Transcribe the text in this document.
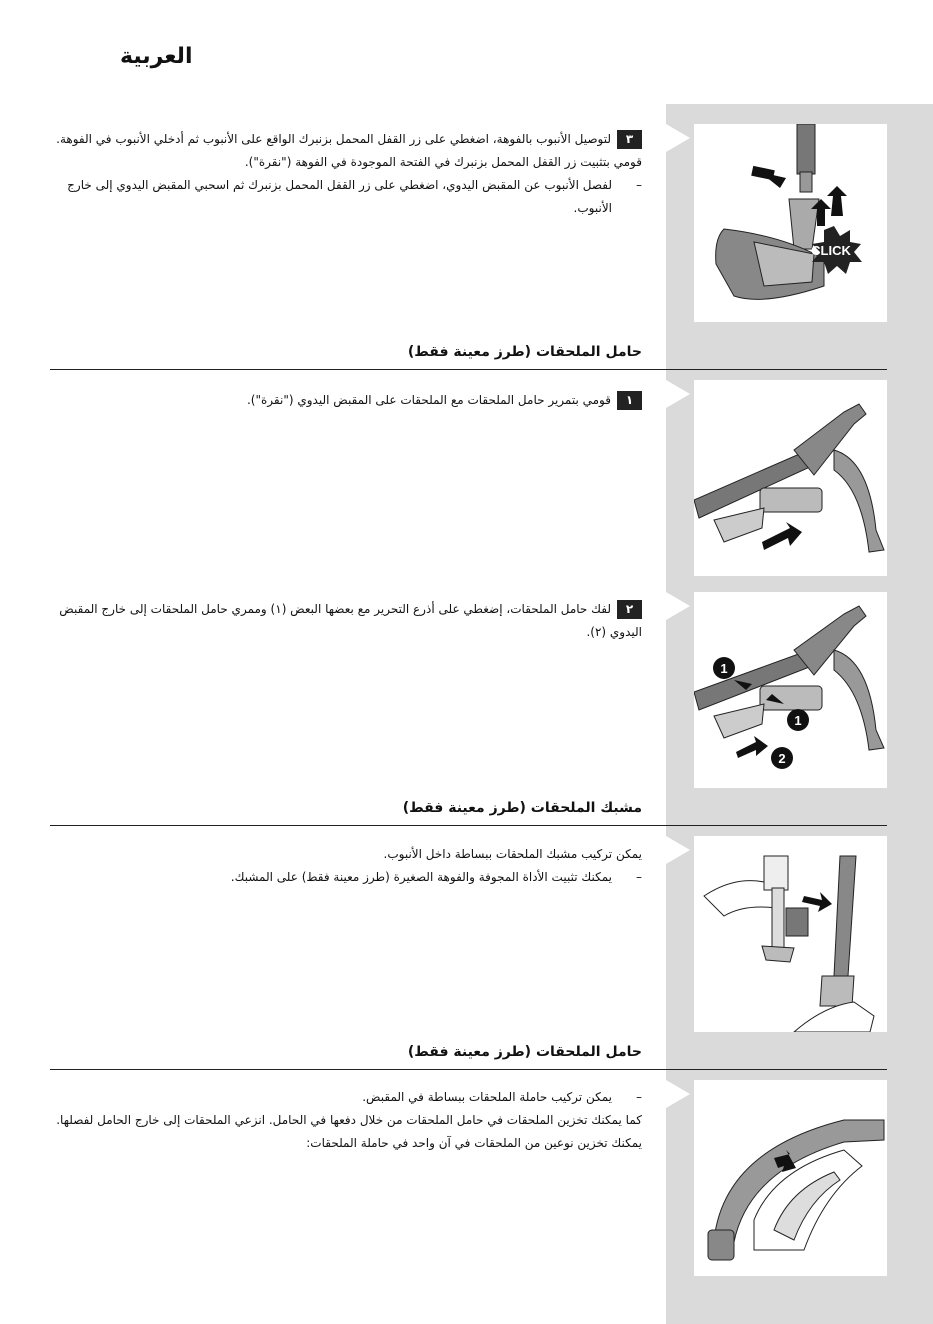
العربية
٣لتوصيل الأنبوب بالفوهة، اضغطي على زر القفل المحمل بزنبرك الواقع على الأنبوب ثم أدخلي الأنبوب في الفوهة. قومي بتثبيت زر القفل المحمل بزنبرك في الفتحة الموجودة في الفوهة ("نقرة").
–
لفصل الأنبوب عن المقبض اليدوي، اضغطي على زر القفل المحمل بزنبرك ثم اسحبي المقبض اليدوي إلى خارج الأنبوب.
CLICK
حامل الملحقات (طرز معينة فقط)
١قومي بتمرير حامل الملحقات مع الملحقات على المقبض اليدوي ("نقرة").
٢لفك حامل الملحقات، إضغطي على أذرع التحرير مع بعضها البعض (١) وممري حامل الملحقات إلى خارج المقبض اليدوي (٢).
1
1
2
مشبك الملحقات (طرز معينة فقط)
يمكن تركيب مشبك الملحقات ببساطة داخل الأنبوب.
–
يمكنك تثبيت الأداة المجوفة والفوهة الصغيرة (طرز معينة فقط) على المشبك.
حامل الملحقات (طرز معينة فقط)
–
يمكن تركيب حاملة الملحقات ببساطة في المقبض.
كما يمكنك تخزين الملحقات في حامل الملحقات من خلال دفعها في الحامل. انزعي الملحقات إلى خارج الحامل لفصلها.
يمكنك تخزين نوعين من الملحقات في آن واحد في حاملة الملحقات:
